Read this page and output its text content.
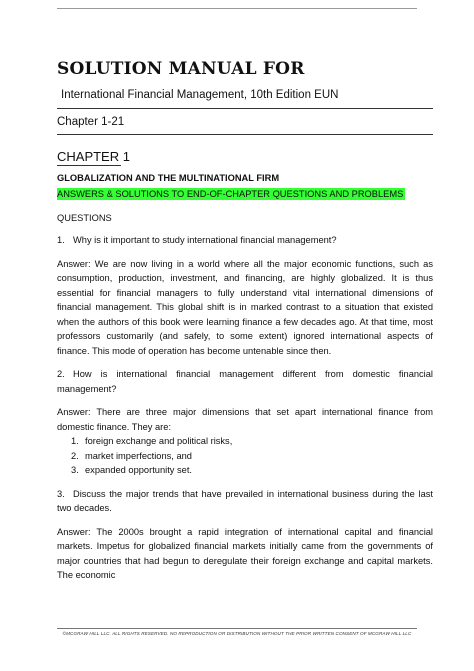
SOLUTION MANUAL FOR
International Financial Management, 10th Edition EUN
Chapter 1-21
CHAPTER 1
GLOBALIZATION AND THE MULTINATIONAL FIRM
ANSWERS & SOLUTIONS TO END-OF-CHAPTER QUESTIONS AND PROBLEMS
QUESTIONS
1. Why is it important to study international financial management?
Answer: We are now living in a world where all the major economic functions, such as consumption, production, investment, and financing, are highly globalized. It is thus essential for financial managers to fully understand vital international dimensions of financial management. This global shift is in marked contrast to a situation that existed when the authors of this book were learning finance a few decades ago. At that time, most professors customarily (and safely, to some extent) ignored international aspects of finance. This mode of operation has become untenable since then.
2. How is international financial management different from domestic financial management?
Answer: There are three major dimensions that set apart international finance from domestic finance. They are:
1. foreign exchange and political risks,
2. market imperfections, and
3. expanded opportunity set.
3. Discuss the major trends that have prevailed in international business during the last two decades.
Answer: The 2000s brought a rapid integration of international capital and financial markets. Impetus for globalized financial markets initially came from the governments of major countries that had begun to deregulate their foreign exchange and capital markets. The economic
©MCGRAW HILL LLC. ALL RIGHTS RESERVED. NO REPRODUCTION OR DISTRIBUTION WITHOUT THE PRIOR WRITTEN CONSENT OF MCGRAW HILL LLC
